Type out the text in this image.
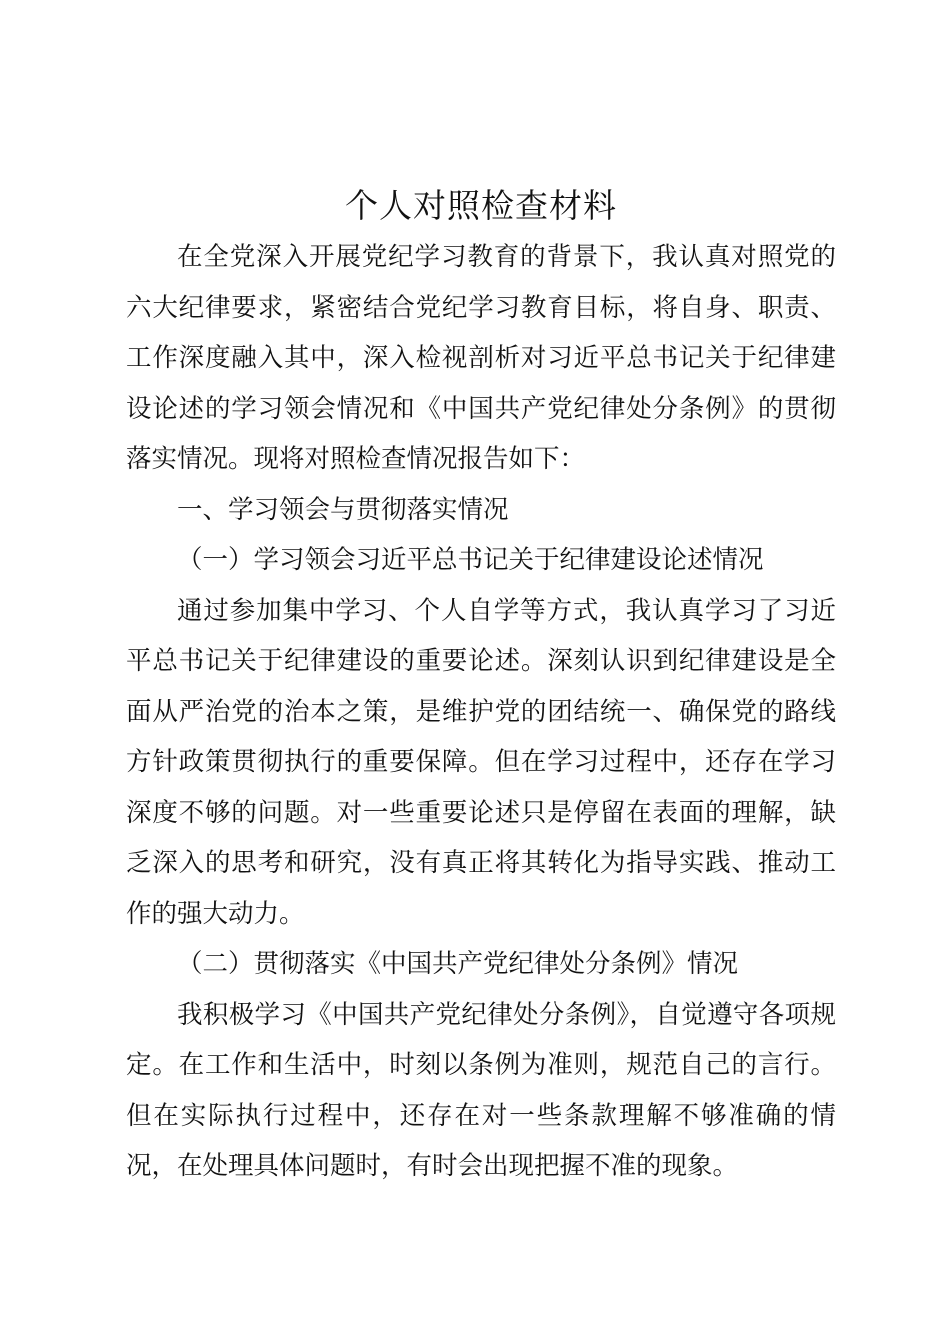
个人对照检查材料

在全党深入开展党纪学习教育的背景下，我认真对照党的六大纪律要求，紧密结合党纪学习教育目标，将自身、职责、工作深度融入其中，深入检视剖析对习近平总书记关于纪律建设论述的学习领会情况和《中国共产党纪律处分条例》的贯彻落实情况。现将对照检查情况报告如下：

一、学习领会与贯彻落实情况

（一）学习领会习近平总书记关于纪律建设论述情况

通过参加集中学习、个人自学等方式，我认真学习了习近平总书记关于纪律建设的重要论述。深刻认识到纪律建设是全面从严治党的治本之策，是维护党的团结统一、确保党的路线方针政策贯彻执行的重要保障。但在学习过程中，还存在学习深度不够的问题。对一些重要论述只是停留在表面的理解，缺乏深入的思考和研究，没有真正将其转化为指导实践、推动工作的强大动力。

（二）贯彻落实《中国共产党纪律处分条例》情况

我积极学习《中国共产党纪律处分条例》，自觉遵守各项规定。在工作和生活中，时刻以条例为准则，规范自己的言行。但在实际执行过程中，还存在对一些条款理解不够准确的情况，在处理具体问题时，有时会出现把握不准的现象。
